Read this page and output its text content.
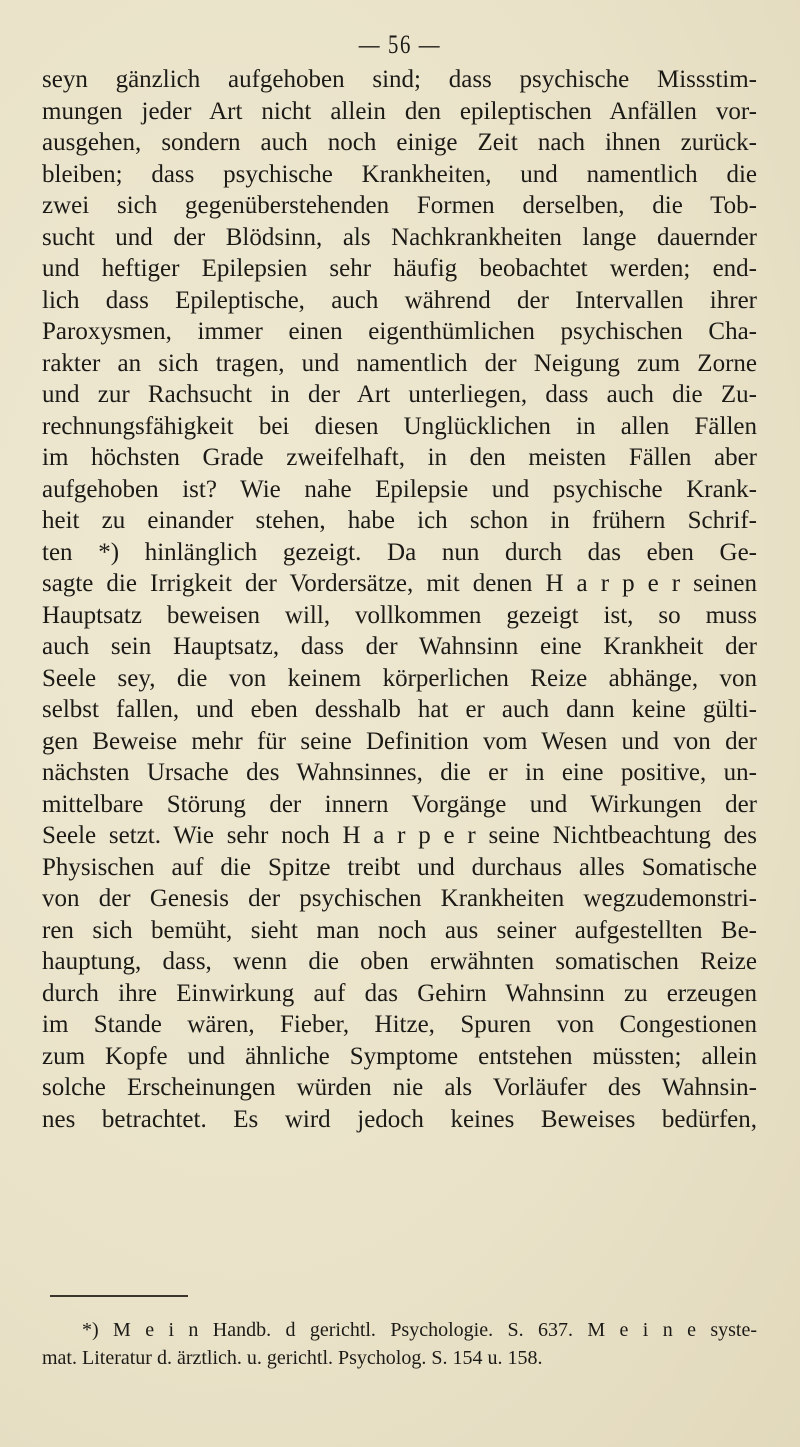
— 56 —
seyn gänzlich aufgehoben sind; dass psychische Missstim-
mungen jeder Art nicht allein den epileptischen Anfällen vor-
ausgehen, sondern auch noch einige Zeit nach ihnen zurück-
bleiben; dass psychische Krankheiten, und namentlich die
zwei sich gegenüberstehenden Formen derselben, die Tob-
sucht und der Blödsinn, als Nachkrankheiten lange dauernder
und heftiger Epilepsien sehr häufig beobachtet werden; end-
lich dass Epileptische, auch während der Intervallen ihrer
Paroxysmen, immer einen eigenthümlichen psychischen Cha-
rakter an sich tragen, und namentlich der Neigung zum Zorne
und zur Rachsucht in der Art unterliegen, dass auch die Zu-
rechnungsfähigkeit bei diesen Unglücklichen in allen Fällen
im höchsten Grade zweifelhaft, in den meisten Fällen aber
aufgehoben ist? Wie nahe Epilepsie und psychische Krank-
heit zu einander stehen, habe ich schon in frühern Schrif-
ten *) hinlänglich gezeigt. Da nun durch das eben Ge-
sagte die Irrigkeit der Vordersätze, mit denen H a r p e r seinen
Hauptsatz beweisen will, vollkommen gezeigt ist, so muss
auch sein Hauptsatz, dass der Wahnsinn eine Krankheit der
Seele sey, die von keinem körperlichen Reize abhänge, von
selbst fallen, und eben desshalb hat er auch dann keine gülti-
gen Beweise mehr für seine Definition vom Wesen und von der
nächsten Ursache des Wahnsinnes, die er in eine positive, un-
mittelbare Störung der innern Vorgänge und Wirkungen der
Seele setzt. Wie sehr noch H a r p e r seine Nichtbeachtung des
Physischen auf die Spitze treibt und durchaus alles Somatische
von der Genesis der psychischen Krankheiten wegzudemonstri-
ren sich bemüht, sieht man noch aus seiner aufgestellten Be-
hauptung, dass, wenn die oben erwähnten somatischen Reize
durch ihre Einwirkung auf das Gehirn Wahnsinn zu erzeugen
im Stande wären, Fieber, Hitze, Spuren von Congestionen
zum Kopfe und ähnliche Symptome entstehen müssten; allein
solche Erscheinungen würden nie als Vorläufer des Wahnsin-
nes betrachtet. Es wird jedoch keines Beweises bedürfen,
*) M e i n Handb. d gerichtl. Psychologie. S. 637. M e i n e syste-
mat. Literatur d. ärztlich. u. gerichtl. Psycholog. S. 154 u. 158.
